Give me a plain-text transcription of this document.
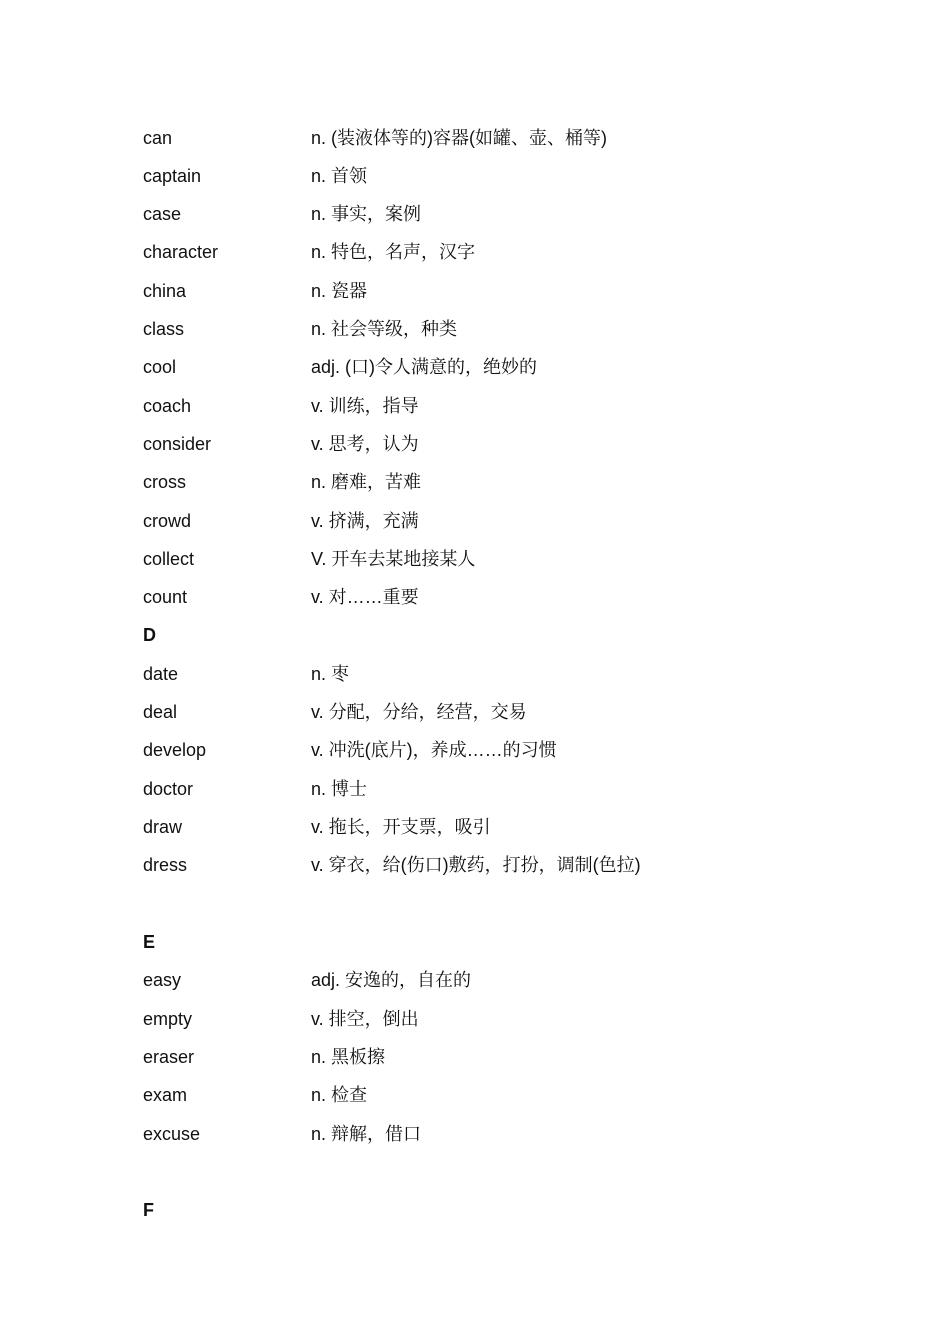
can	n. (装液体等的)容器(如罐、壶、桶等)
captain	n. 首领
case	n. 事实，案例
character	n. 特色，名声，汉字
china	n. 瓷器
class	n. 社会等级，种类
cool	adj. (口)令人满意的，绝妙的
coach	v. 训练，指导
consider	v. 思考，认为
cross	n. 磨难，苦难
crowd	v. 挤满，充满
collect	V. 开车去某地接某人
count	v. 对……重要
D
date	n. 枣
deal	v. 分配，分给，经营，交易
develop	v. 冲洗(底片)，养成……的习惯
doctor	n. 博士
draw	v. 拖长，开支票，吸引
dress	v. 穿衣，给(伤口)敷药，打扮，调制(色拉)
E
easy	adj. 安逸的，自在的
empty	v. 排空，倒出
eraser	n. 黑板擦
exam	n. 检查
excuse	n. 辩解，借口
F
